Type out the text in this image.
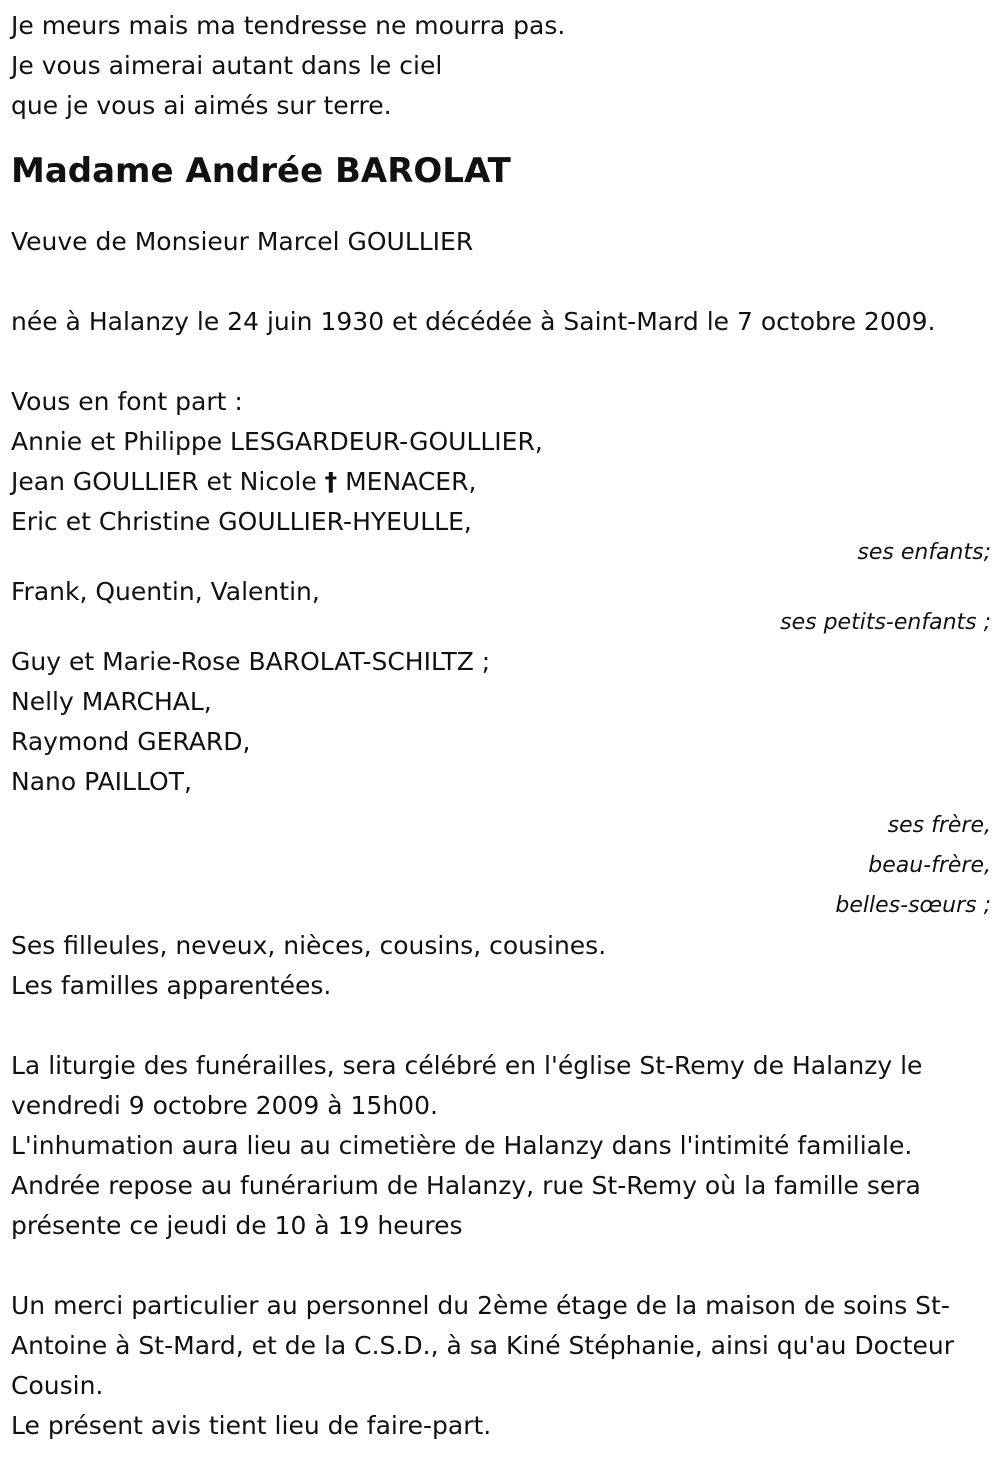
Je meurs mais ma tendresse ne mourra pas.

Je vous aimerai autant dans le ciel

que je vous ai aimés sur terre.

Madame Andrée BAROLAT

Veuve de Monsieur Marcel GOULLIER

née à Halanzy le 24 juin 1930 et décédée à Saint-Mard le 7 octobre 2009.

Vous en font part :

Annie et Philippe LESGARDEUR-GOULLIER,

Jean GOULLIER et Nicole † MENACER,

Eric et Christine GOULLIER-HYEULLE,

ses enfants;

Frank, Quentin, Valentin,

ses petits-enfants ;

Guy et Marie-Rose BAROLAT-SCHILTZ ;

Nelly MARCHAL,

Raymond GERARD,

Nano PAILLOT,

ses frère,
beau-frère,
belles-sœurs ;

Ses filleules, neveux, nièces, cousins, cousines.

Les familles apparentées.

La liturgie des funérailles, sera célébré en l'église St-Remy de Halanzy le vendredi 9 octobre 2009 à 15h00.

L'inhumation aura lieu au cimetière de Halanzy dans l'intimité familiale.

Andrée repose au funérarium de Halanzy, rue St-Remy où la famille sera présente ce jeudi de 10 à 19 heures

Un merci particulier au personnel du 2ème étage de la maison de soins St-Antoine à St-Mard, et de la C.S.D., à sa Kiné Stéphanie, ainsi qu'au Docteur Cousin.

Le présent avis tient lieu de faire-part.
